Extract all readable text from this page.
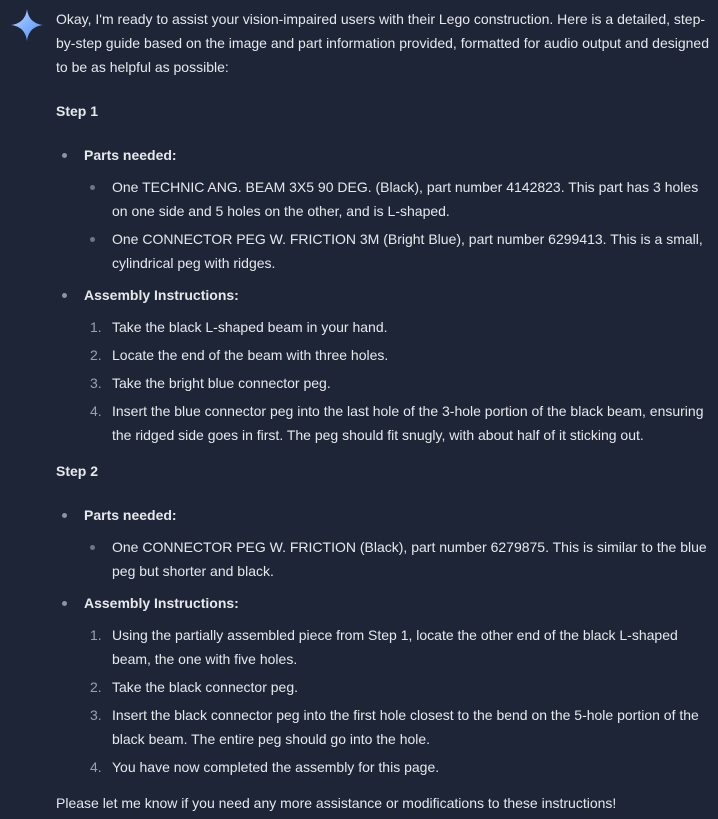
Okay, I'm ready to assist your vision-impaired users with their Lego construction. Here is a detailed, step-by-step guide based on the image and part information provided, formatted for audio output and designed to be as helpful as possible:

Step 1

Parts needed:

One TECHNIC ANG. BEAM 3X5 90 DEG. (Black), part number 4142823. This part has 3 holes on one side and 5 holes on the other, and is L-shaped.
One CONNECTOR PEG W. FRICTION 3M (Bright Blue), part number 6299413. This is a small, cylindrical peg with ridges.

Assembly Instructions:

1. Take the black L-shaped beam in your hand.
2. Locate the end of the beam with three holes.
3. Take the bright blue connector peg.
4. Insert the blue connector peg into the last hole of the 3-hole portion of the black beam, ensuring the ridged side goes in first. The peg should fit snugly, with about half of it sticking out.

Step 2

Parts needed:

One CONNECTOR PEG W. FRICTION (Black), part number 6279875. This is similar to the blue peg but shorter and black.

Assembly Instructions:

1. Using the partially assembled piece from Step 1, locate the other end of the black L-shaped beam, the one with five holes.
2. Take the black connector peg.
3. Insert the black connector peg into the first hole closest to the bend on the 5-hole portion of the black beam. The entire peg should go into the hole.
4. You have now completed the assembly for this page.

Please let me know if you need any more assistance or modifications to these instructions!
